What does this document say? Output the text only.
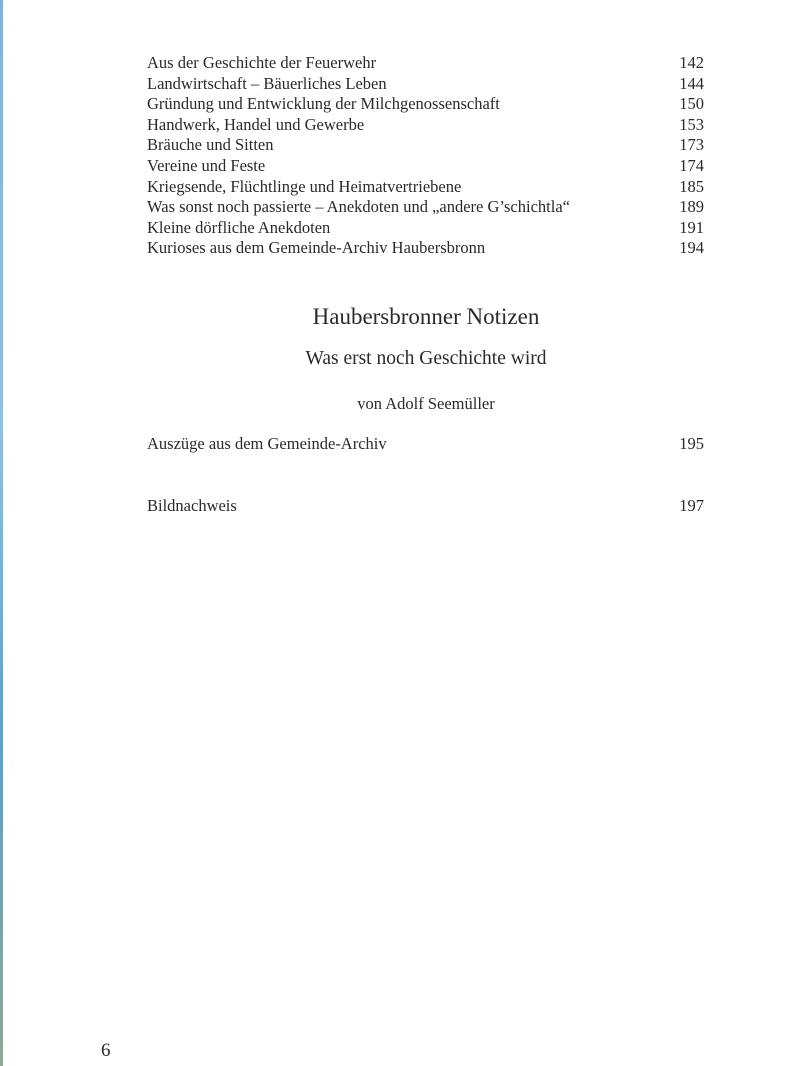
Aus der Geschichte der Feuerwehr	142
Landwirtschaft – Bäuerliches Leben	144
Gründung und Entwicklung der Milchgenossenschaft	150
Handwerk, Handel und Gewerbe	153
Bräuche und Sitten	173
Vereine und Feste	174
Kriegsende, Flüchtlinge und Heimatvertriebene	185
Was sonst noch passierte – Anekdoten und „andere G’schichtla“	189
Kleine dörfliche Anekdoten	191
Kurioses aus dem Gemeinde-Archiv Haubersbronn	194
Haubersbronner Notizen
Was erst noch Geschichte wird
von Adolf Seemüller
Auszüge aus dem Gemeinde-Archiv	195
Bildnachweis	197
6
